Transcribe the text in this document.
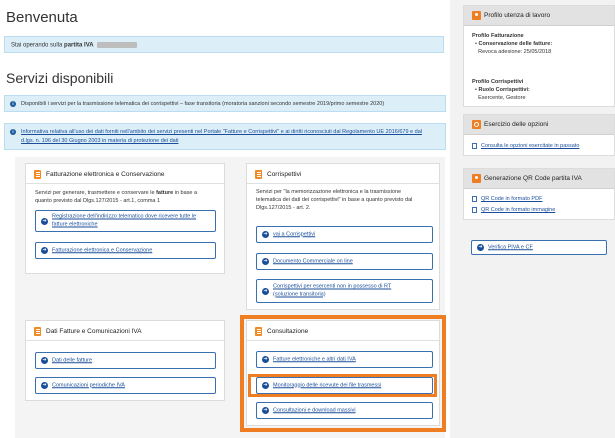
Benvenuta
Stai operando sulla partita IVA
Servizi disponibili
i	Disponibili i servizi per la trasmissione telematica dei corrispettivi – fase transitoria (moratoria sanzioni secondo semestre 2019/primo semestre 2020)
i	Informativa relativa all'uso dei dati forniti nell'ambito dei servizi presenti nel Portale "Fatture e Corrispettivi" e ai diritti riconosciuti dal Regolamento UE 2016/679 e dal
d.lgs. n. 196 del 30 Giugno 2003 in materia di protezione dei dati
Fatturazione elettronica e Conservazione
Servizi per generare, trasmettere e conservare le fatture in base a
quanto previsto dal Dlgs.127/2015 - art.1, comma 1
➜
Registrazione dell'indirizzo telematico dove ricevere tutte le
fatture elettroniche
➜ Fatturazione elettronica e Conservazione
Corrispettivi
Servizi per "la memorizzazione elettronica e la trasmissione
telematica dei dati dei corrispettivi" in base a quanto previsto dal
Dlgs.127/2015 - art. 2.
➜ vai a Corrispettivi
➜ Documento Commerciale on line
➜
Corrispettivi per esercenti non in possesso di RT
(soluzione transitoria)
Dati Fatture e Comunicazioni IVA
➜ Dati delle fatture
➜ Comunicazioni periodiche IVA
Consultazione
➜ Fatture elettroniche e altri dati IVA
➜ Monitoraggio delle ricevute dei file trasmessi
➜ Consultazioni e download massivi
Profilo utenza di lavoro
Profilo Fatturazione
• Conservazione delle fatture:
Revoca adesione: 25/05/2018
Profilo Corrispettivi
• Ruolo Corrispettivi:
Esercente, Gestore
Esercizio delle opzioni
Consulta le opzioni esercitate in passato
Generazione QR Code partita IVA
QR Code in formato PDF
QR Code in formato immagine
➜ Verifica PIVA e CF
